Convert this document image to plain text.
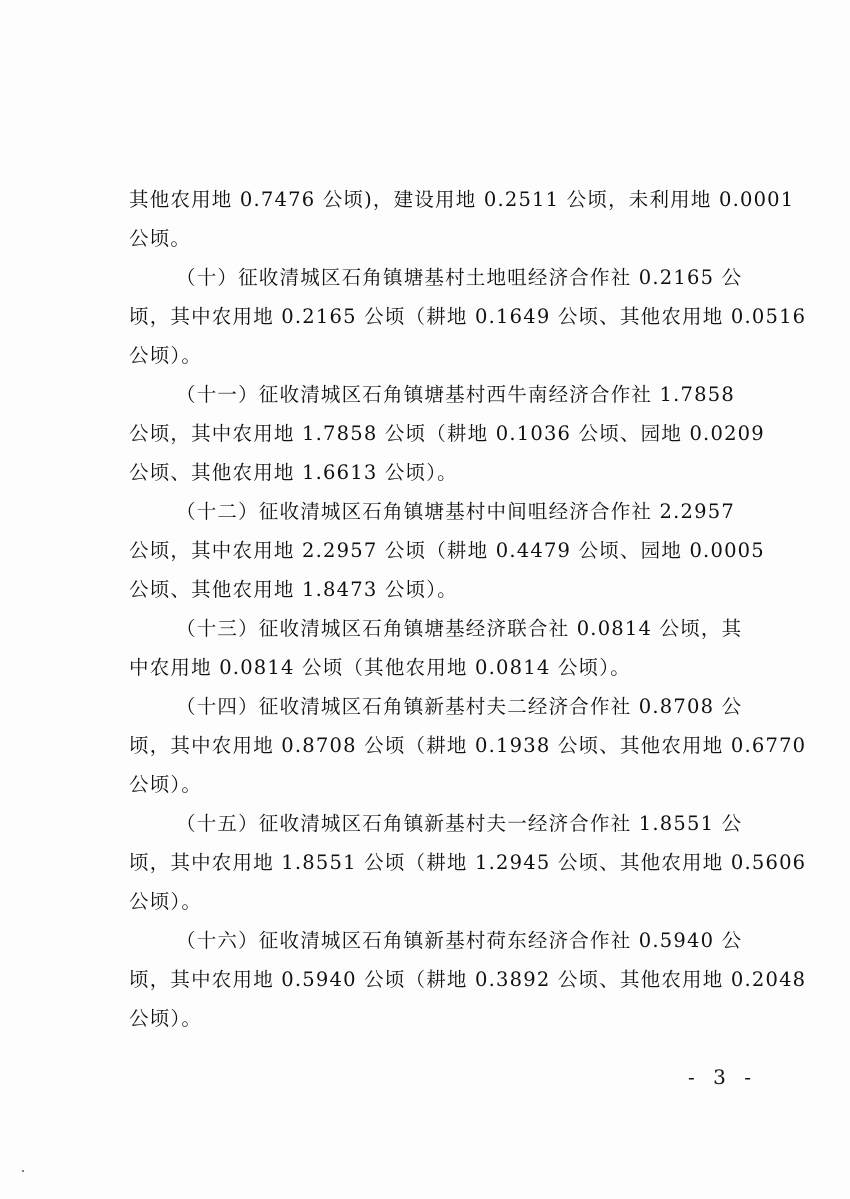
其他农用地 0.7476 公顷)，建设用地 0.2511 公顷，未利用地 0.0001
公顷。
（十）征收清城区石角镇塘基村土地咀经济合作社 0.2165 公
顷，其中农用地 0.2165 公顷（耕地 0.1649 公顷、其他农用地 0.0516
公顷）。
（十一）征收清城区石角镇塘基村西牛南经济合作社 1.7858
公顷，其中农用地 1.7858 公顷（耕地 0.1036 公顷、园地 0.0209
公顷、其他农用地 1.6613 公顷）。
（十二）征收清城区石角镇塘基村中间咀经济合作社 2.2957
公顷，其中农用地 2.2957 公顷（耕地 0.4479 公顷、园地 0.0005
公顷、其他农用地 1.8473 公顷）。
（十三）征收清城区石角镇塘基经济联合社 0.0814 公顷，其
中农用地 0.0814 公顷（其他农用地 0.0814 公顷）。
（十四）征收清城区石角镇新基村夫二经济合作社 0.8708 公
顷，其中农用地 0.8708 公顷（耕地 0.1938 公顷、其他农用地 0.6770
公顷）。
（十五）征收清城区石角镇新基村夫一经济合作社 1.8551 公
顷，其中农用地 1.8551 公顷（耕地 1.2945 公顷、其他农用地 0.5606
公顷）。
（十六）征收清城区石角镇新基村荷东经济合作社 0.5940 公
顷，其中农用地 0.5940 公顷（耕地 0.3892 公顷、其他农用地 0.2048
公顷）。
- 3 -
